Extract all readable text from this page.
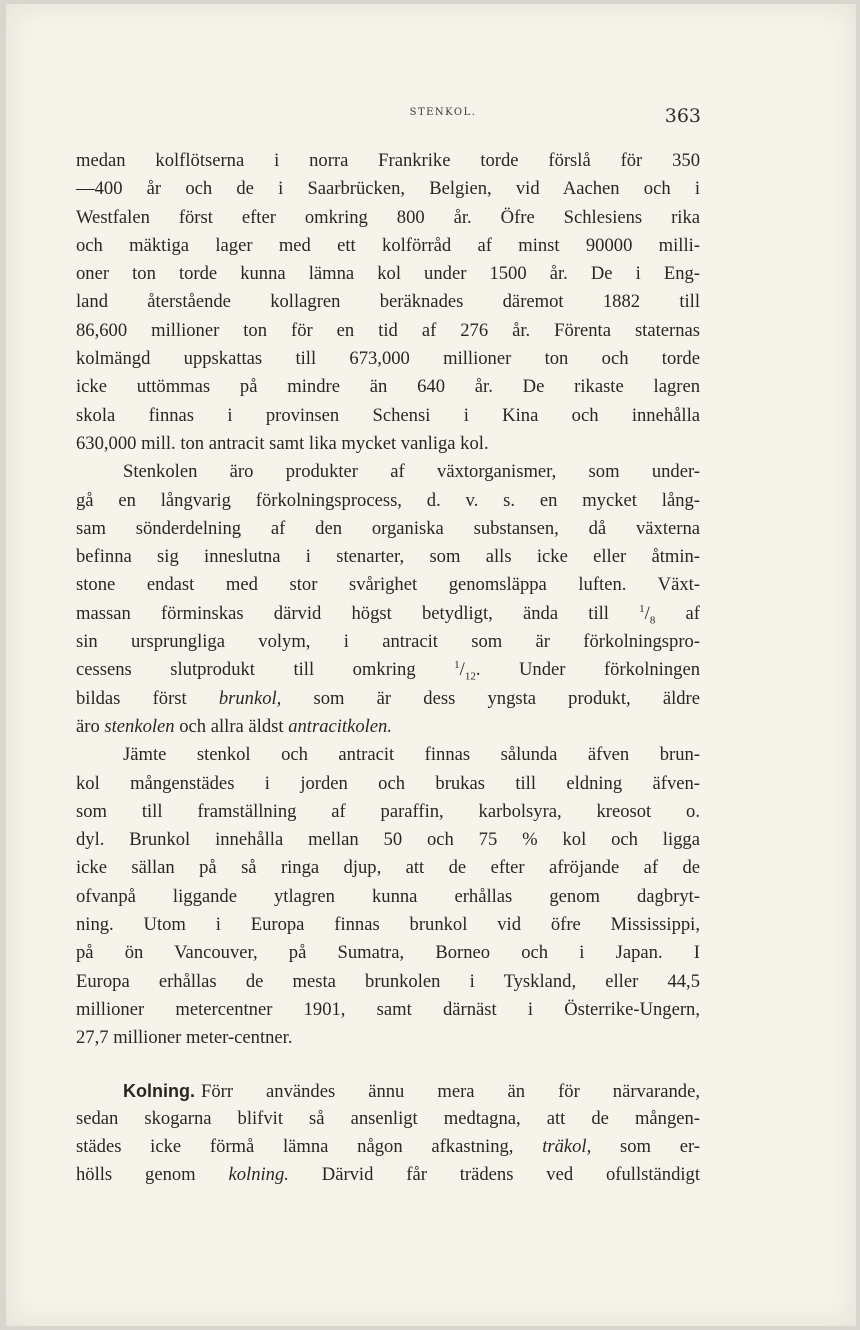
STENKOL.	363
medan kolflötserna i norra Frankrike torde förslå för 350
—400 år och de i Saarbrücken, Belgien, vid Aachen och i
Westfalen först efter omkring 800 år. Öfre Schlesiens rika
och mäktiga lager med ett kolförråd af minst 90000 milli-
oner ton torde kunna lämna kol under 1500 år. De i Eng-
land återstående kollagren beräknades däremot 1882 till
86,600 millioner ton för en tid af 276 år. Förenta staternas
kolmängd uppskattas till 673,000 millioner ton och torde
icke uttömmas på mindre än 640 år. De rikaste lagren
skola finnas i provinsen Schensi i Kina och innehålla
630,000 mill. ton antracit samt lika mycket vanliga kol.
Stenkolen äro produkter af växtorganismer, som under-
gå en långvarig förkolningsprocess, d. v. s. en mycket lång-
sam sönderdelning af den organiska substansen, då växterna
befinna sig inneslutna i stenarter, som alls icke eller åtmin-
stone endast med stor svårighet genomsläppa luften. Växt-
massan förminskas därvid högst betydligt, ända till $^1/_8$ af
sin ursprungliga volym, i antracit som är förkolningspro-
cessens slutprodukt till omkring $^1/_{12}$. Under förkolningen
bildas först brunkol, som är dess yngsta produkt, äldre
äro stenkolen och allra äldst antracitkolen.
Jämte stenkol och antracit finnas sålunda äfven brun-
kol mångenstädes i jorden och brukas till eldning äfven-
som till framställning af paraffin, karbolsyra, kreosot o.
dyl. Brunkol innehålla mellan 50 och 75 % kol och ligga
icke sällan på så ringa djup, att de efter afröjande af de
ofvanpå liggande ytlagren kunna erhållas genom dagbryt-
ning. Utom i Europa finnas brunkol vid öfre Mississippi,
på ön Vancouver, på Sumatra, Borneo och i Japan. I
Europa erhållas de mesta brunkolen i Tyskland, eller 44,5
millioner metercentner 1901, samt därnäst i Österrike-Ungern,
27,7 millioner meter-centner.
Kolning. Förr användes ännu mera än för närvarande,
sedan skogarna blifvit så ansenligt medtagna, att de mången-
städes icke förmå lämna någon afkastning, träkol, som er-
hölls genom kolning. Därvid får trädens ved ofullständigt
